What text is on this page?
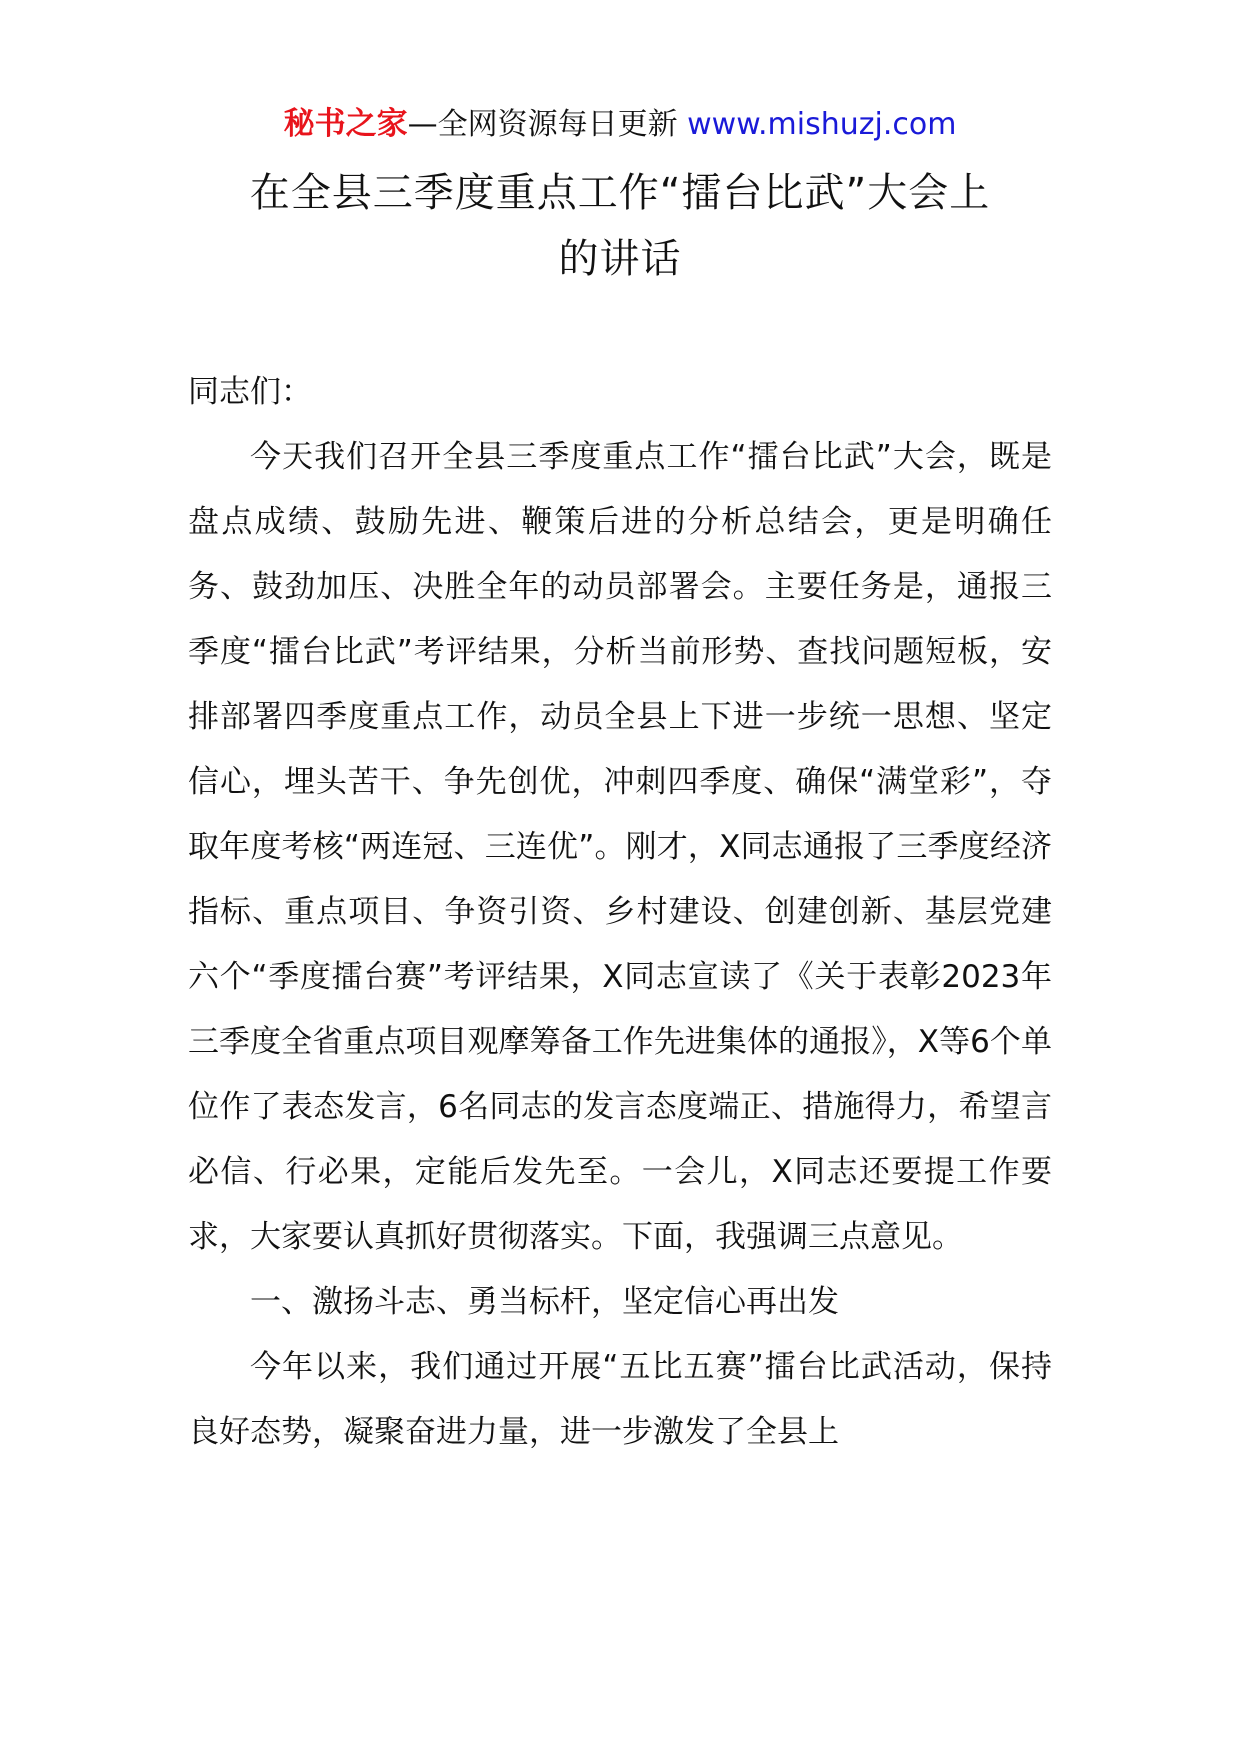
秘书之家—全网资源每日更新 www.mishuzj.com
在全县三季度重点工作“擂台比武”大会上
的讲话

同志们：

今天我们召开全县三季度重点工作“擂台比武”大会，既是盘点成绩、鼓励先进、鞭策后进的分析总结会，更是明确任务、鼓劲加压、决胜全年的动员部署会。主要任务是，通报三季度“擂台比武”考评结果，分析当前形势、查找问题短板，安排部署四季度重点工作，动员全县上下进一步统一思想、坚定信心，埋头苦干、争先创优，冲刺四季度、确保“满堂彩”，夺取年度考核“两连冠、三连优”。刚才，X同志通报了三季度经济指标、重点项目、争资引资、乡村建设、创建创新、基层党建六个“季度擂台赛”考评结果，X同志宣读了《关于表彰2023年三季度全省重点项目观摩筹备工作先进集体的通报》，X等6个单位作了表态发言，6名同志的发言态度端正、措施得力，希望言必信、行必果，定能后发先至。一会儿，X同志还要提工作要求，大家要认真抓好贯彻落实。下面，我强调三点意见。

一、激扬斗志、勇当标杆，坚定信心再出发

今年以来，我们通过开展“五比五赛”擂台比武活动，保持良好态势，凝聚奋进力量，进一步激发了全县上
